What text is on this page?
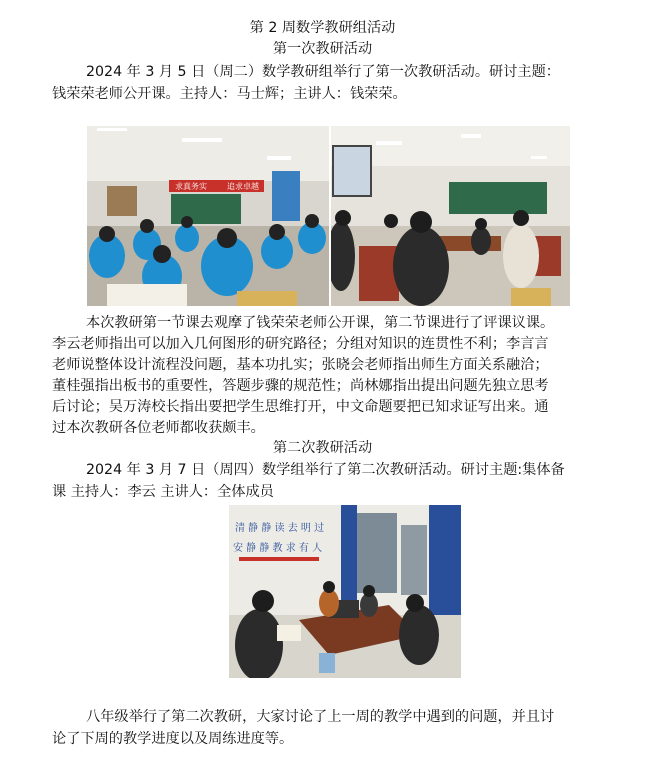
第 2 周数学教研组活动
第一次教研活动
2024 年 3 月 5 日（周二）数学教研组举行了第一次教研活动。研讨主题：
钱荣荣老师公开课。主持人：马士辉；主讲人：钱荣荣。
求真务实	追求卓越
本次教研第一节课去观摩了钱荣荣老师公开课，第二节课进行了评课议课。
李云老师指出可以加入几何图形的研究路径；分组对知识的连贯性不利；李言言
老师说整体设计流程没问题，基本功扎实；张晓会老师指出师生方面关系融洽；
董桂强指出板书的重要性，答题步骤的规范性；尚林娜指出提出问题先独立思考
后讨论；吴万涛校长指出要把学生思维打开，中文命题要把已知求证写出来。通
过本次教研各位老师都收获颇丰。
第二次教研活动
2024 年 3 月 7 日（周四）数学组举行了第二次教研活动。研讨主题:集体备
课 主持人：李云 主讲人：全体成员
清 静 静 读 去 明 过
安 静 静 教 求 有 人
八年级举行了第二次教研，大家讨论了上一周的教学中遇到的问题，并且讨
论了下周的教学进度以及周练进度等。
